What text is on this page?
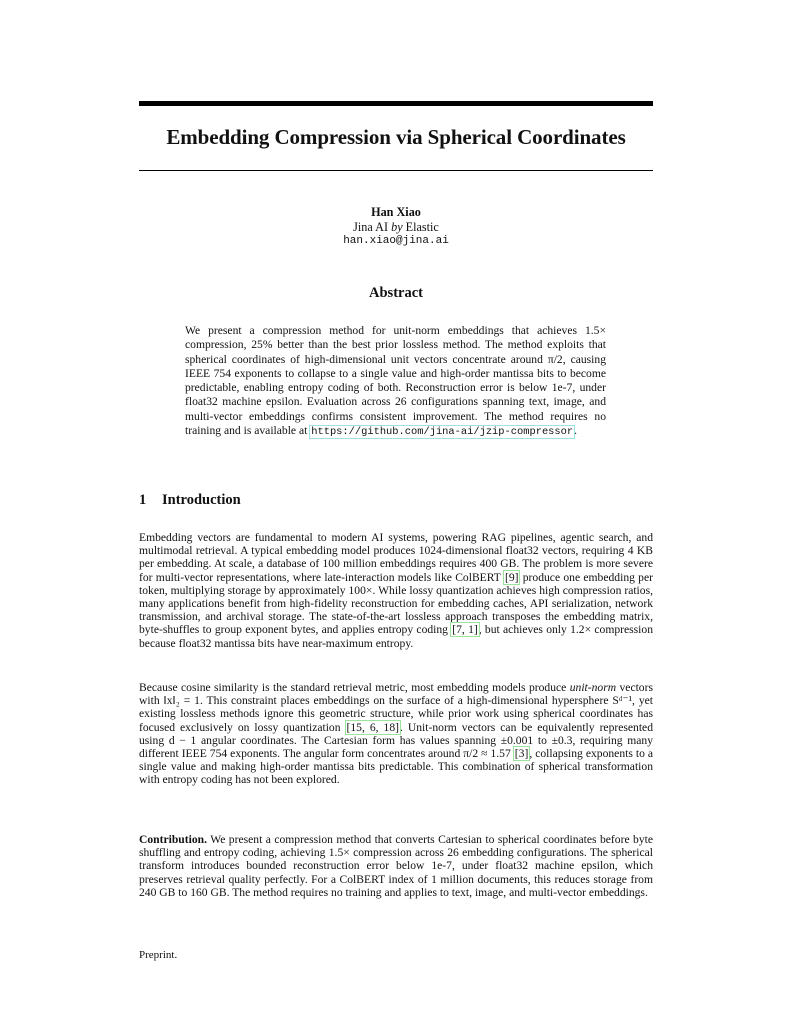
Embedding Compression via Spherical Coordinates
Han Xiao
Jina AI by Elastic
han.xiao@jina.ai
Abstract
We present a compression method for unit-norm embeddings that achieves 1.5× compression, 25% better than the best prior lossless method. The method exploits that spherical coordinates of high-dimensional unit vectors concentrate around π/2, causing IEEE 754 exponents to collapse to a single value and high-order mantissa bits to become predictable, enabling entropy coding of both. Reconstruction error is below 1e-7, under float32 machine epsilon. Evaluation across 26 configurations spanning text, image, and multi-vector embeddings confirms consistent improvement. The method requires no training and is available at https://github.com/jina-ai/jzip-compressor.
1 Introduction
Embedding vectors are fundamental to modern AI systems, powering RAG pipelines, agentic search, and multimodal retrieval. A typical embedding model produces 1024-dimensional float32 vectors, requiring 4 KB per embedding. At scale, a database of 100 million embeddings requires 400 GB. The problem is more severe for multi-vector representations, where late-interaction models like ColBERT [9] produce one embedding per token, multiplying storage by approximately 100×. While lossy quantization achieves high compression ratios, many applications benefit from high-fidelity reconstruction for embedding caches, API serialization, network transmission, and archival storage. The state-of-the-art lossless approach transposes the embedding matrix, byte-shuffles to group exponent bytes, and applies entropy coding [7, 1], but achieves only 1.2× compression because float32 mantissa bits have near-maximum entropy.
Because cosine similarity is the standard retrieval metric, most embedding models produce unit-norm vectors with ‖x‖₂ = 1. This constraint places embeddings on the surface of a high-dimensional hypersphere Sᵈ⁻¹, yet existing lossless methods ignore this geometric structure, while prior work using spherical coordinates has focused exclusively on lossy quantization [15, 6, 18]. Unit-norm vectors can be equivalently represented using d − 1 angular coordinates. The Cartesian form has values spanning ±0.001 to ±0.3, requiring many different IEEE 754 exponents. The angular form concentrates around π/2 ≈ 1.57 [3], collapsing exponents to a single value and making high-order mantissa bits predictable. This combination of spherical transformation with entropy coding has not been explored.
Contribution. We present a compression method that converts Cartesian to spherical coordinates before byte shuffling and entropy coding, achieving 1.5× compression across 26 embedding configurations. The spherical transform introduces bounded reconstruction error below 1e-7, under float32 machine epsilon, which preserves retrieval quality perfectly. For a ColBERT index of 1 million documents, this reduces storage from 240 GB to 160 GB. The method requires no training and applies to text, image, and multi-vector embeddings.
Preprint.
